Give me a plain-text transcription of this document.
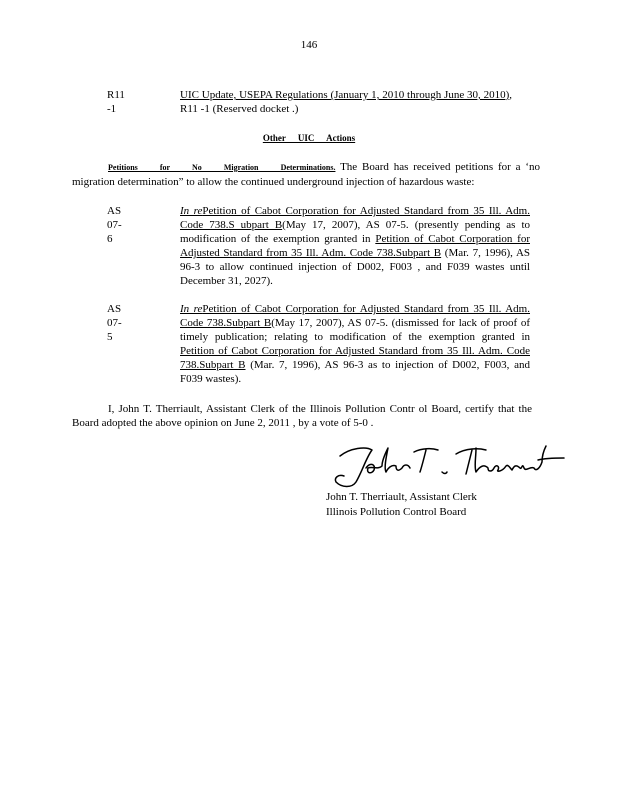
146
R11 -1
UIC Update, USEPA Regulations (January 1, 2010 through June 30, 2010), R11 -1 (Reserved docket .)
Other UIC Actions
Petitions for No Migration Determinations. The Board has received petitions for a ‘no migration determination” to allow the continued underground injection of hazardous waste:
AS 07-6
In rePetition of Cabot Corporation for Adjusted Standard from 35 Ill. Adm. Code 738.S ubpart B(May 17, 2007), AS 07-5. (presently pending as to modification of the exemption granted in Petition of Cabot Corporation for Adjusted Standard from 35 Ill. Adm. Code 738.Subpart B (Mar. 7, 1996), AS 96-3 to allow continued injection of D002, F003 , and F039 wastes until December 31, 2027).
AS 07-5
In rePetition of Cabot Corporation for Adjusted Standard from 35 Ill. Adm. Code 738.Subpart B(May 17, 2007), AS 07-5. (dismissed for lack of proof of timely publication; relating to modification of the exemption granted in Petition of Cabot Corporation for Adjusted Standard from 35 Ill. Adm. Code 738.Subpart B (Mar. 7, 1996), AS 96-3 as to injection of D002, F003, and F039 wastes).
I, John T. Therriault, Assistant Clerk of the Illinois Pollution Contr ol Board, certify that the Board adopted the above opinion on June 2, 2011 , by a vote of 5-0 .
John T. Therriault, Assistant Clerk
Illinois Pollution Control Board
